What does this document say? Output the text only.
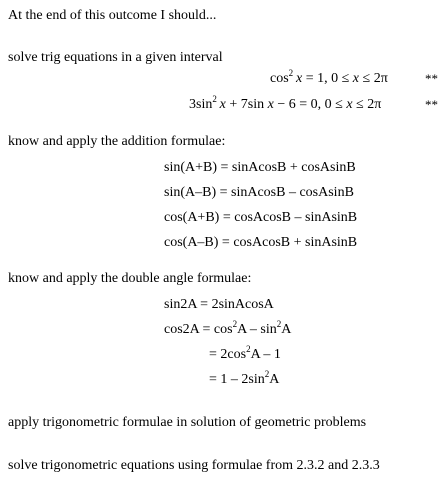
At the end of this outcome I should...
solve trig equations in a given interval
$\cos^2 x = 1$, 0 ≤ x ≤ 2π	**
$3\sin^2$  x + 7sin x − 6 = 0, 0 ≤ x ≤ 2π	**
know and apply the addition formulae:
sin(A+B) = sinAcosB + cosAsinB
sin(A–B) = sinAcosB – cosAsinB
cos(A+B) = cosAcosB – sinAsinB
cos(A–B) = cosAcosB + sinAsinB
know and apply the double angle formulae:
sin2A = 2sinAcosA
$\cos 2A = \cos^2A - \sin^2A$
= $2\cos^2A - 1$
= $1 - 2\sin^2A$
apply trigonometric formulae in solution of geometric problems
solve trigonometric equations using formulae from 2.3.2 and 2.3.3
